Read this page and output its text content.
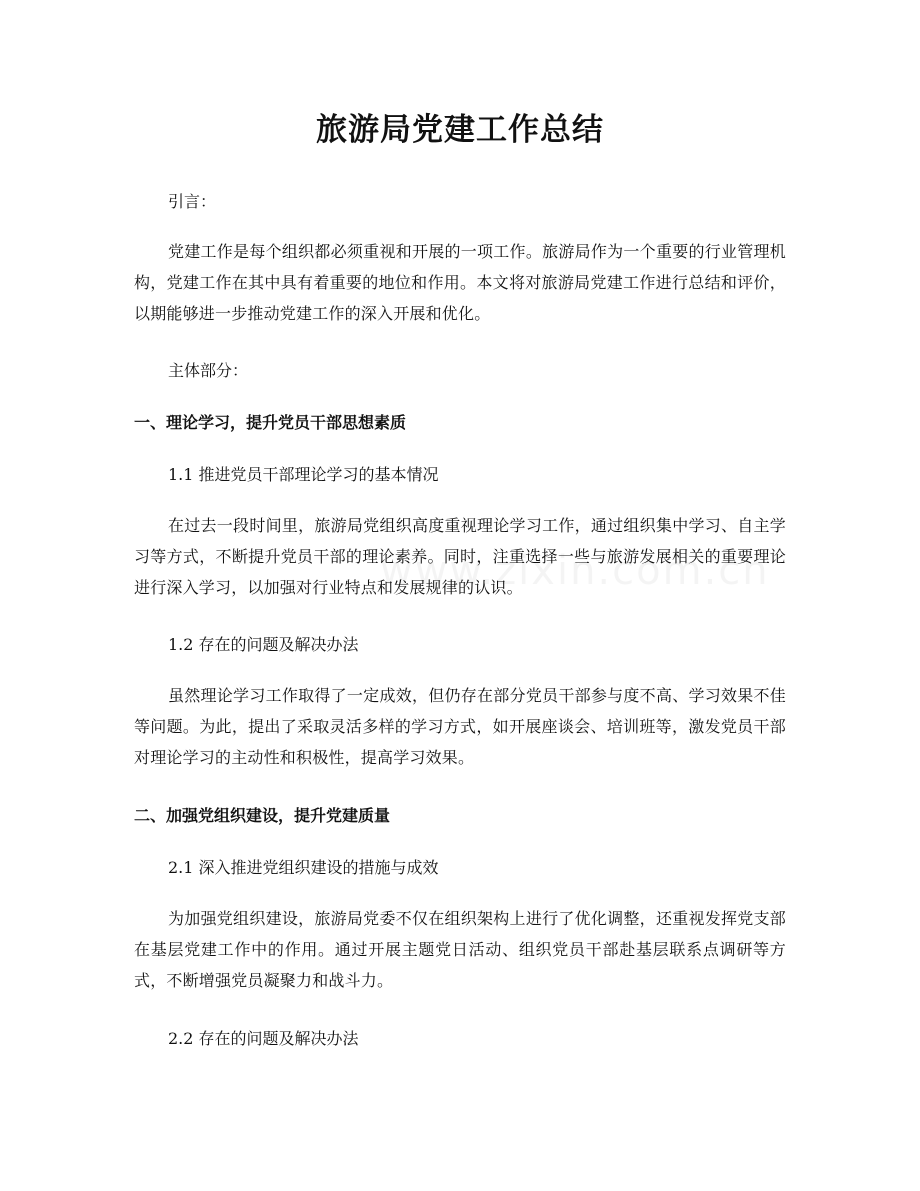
旅游局党建工作总结

引言：

党建工作是每个组织都必须重视和开展的一项工作。旅游局作为一个重要的行业管理机构，党建工作在其中具有着重要的地位和作用。本文将对旅游局党建工作进行总结和评价，以期能够进一步推动党建工作的深入开展和优化。

主体部分：

一、理论学习，提升党员干部思想素质

1.1 推进党员干部理论学习的基本情况

在过去一段时间里，旅游局党组织高度重视理论学习工作，通过组织集中学习、自主学习等方式，不断提升党员干部的理论素养。同时，注重选择一些与旅游发展相关的重要理论进行深入学习，以加强对行业特点和发展规律的认识。

1.2 存在的问题及解决办法

虽然理论学习工作取得了一定成效，但仍存在部分党员干部参与度不高、学习效果不佳等问题。为此，提出了采取灵活多样的学习方式，如开展座谈会、培训班等，激发党员干部对理论学习的主动性和积极性，提高学习效果。

二、加强党组织建设，提升党建质量

2.1 深入推进党组织建设的措施与成效

为加强党组织建设，旅游局党委不仅在组织架构上进行了优化调整，还重视发挥党支部在基层党建工作中的作用。通过开展主题党日活动、组织党员干部赴基层联系点调研等方式，不断增强党员凝聚力和战斗力。

2.2 存在的问题及解决办法
